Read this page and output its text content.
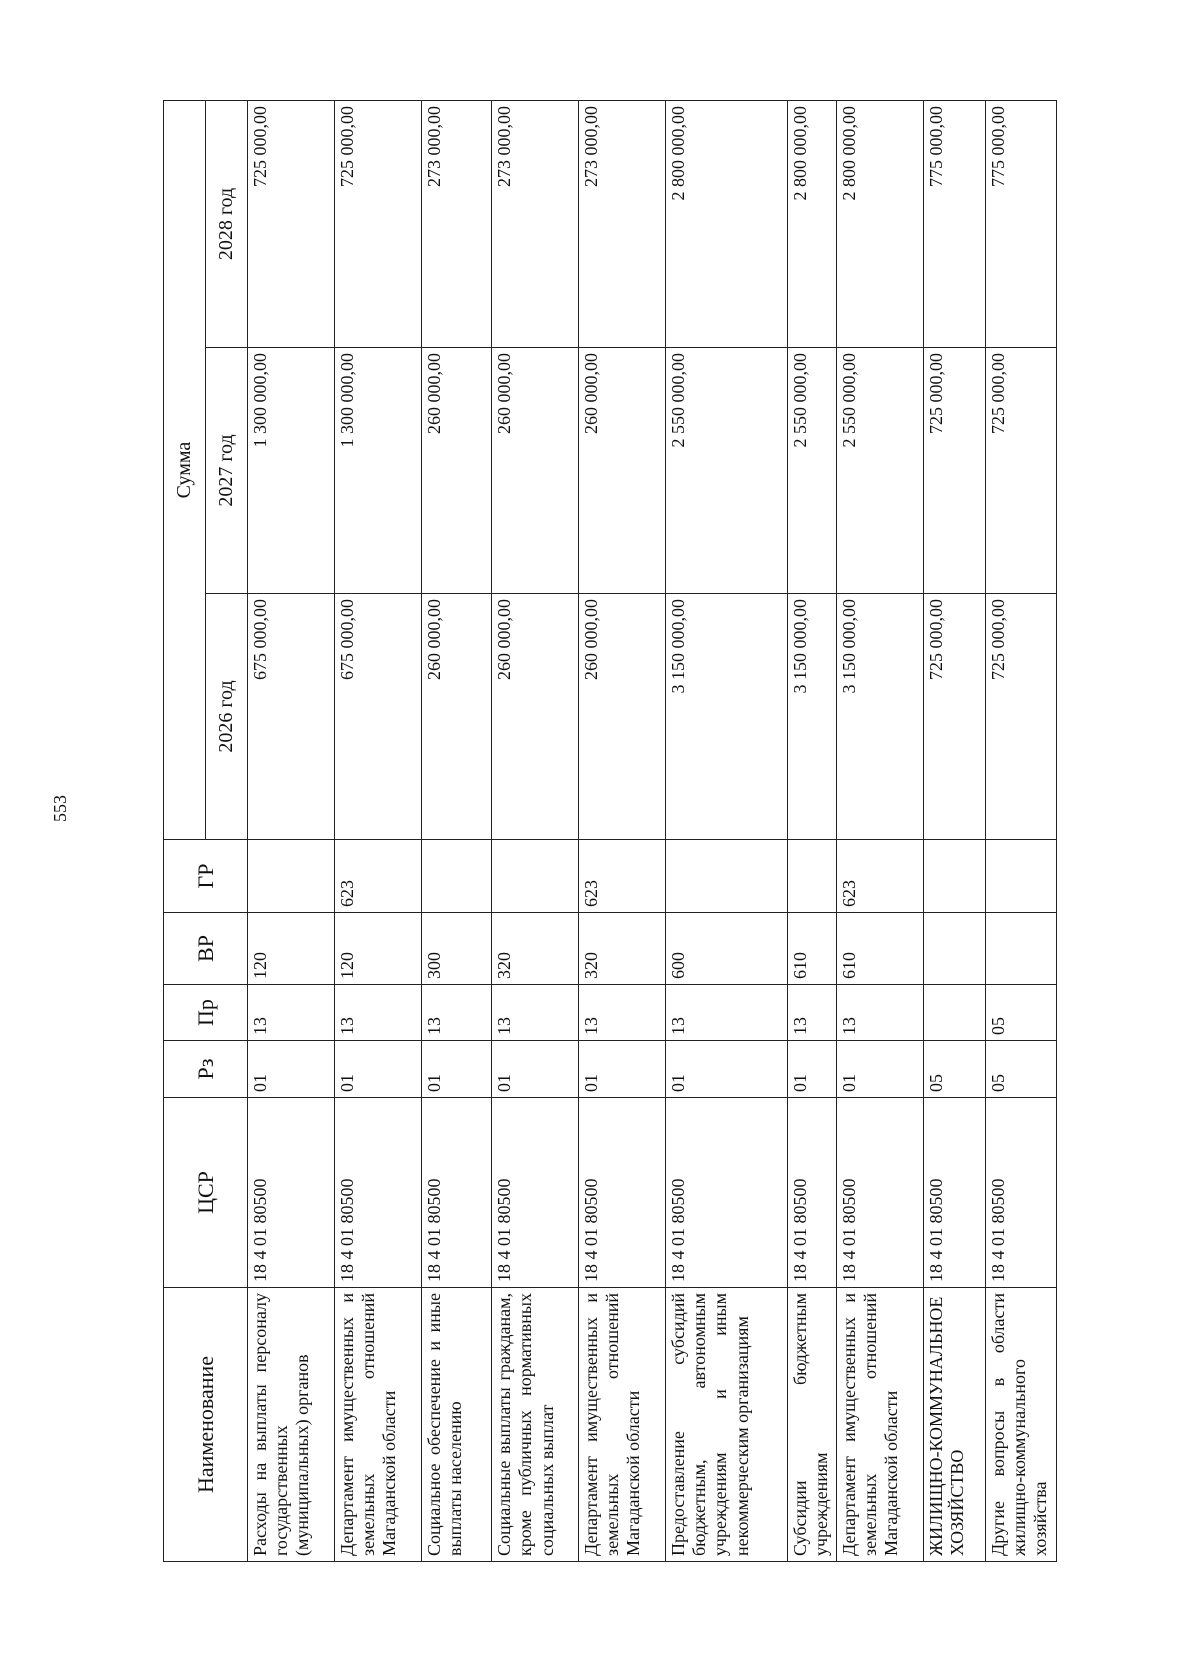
553
Наименование	ЦСР	Рз	Пр	ВР	ГР	Сумма		
						2026 год	2027 год	2028 год
Расходы на выплаты персоналу государственных (муниципальных) органов	18 4 01 80500	01	13	120		675 000,00	1 300 000,00	725 000,00
Департамент имущественных и земельных отношений Магаданской области	18 4 01 80500	01	13	120	623	675 000,00	1 300 000,00	725 000,00
Социальное обеспечение и иные выплаты населению	18 4 01 80500	01	13	300		260 000,00	260 000,00	273 000,00
Социальные выплаты гражданам, кроме публичных нормативных социальных выплат	18 4 01 80500	01	13	320		260 000,00	260 000,00	273 000,00
Департамент имущественных и земельных отношений Магаданской области	18 4 01 80500	01	13	320	623	260 000,00	260 000,00	273 000,00
Предоставление субсидий бюджетным, автономным учреждениям и иным некоммерческим организациям	18 4 01 80500	01	13	600		3 150 000,00	2 550 000,00	2 800 000,00
Субсидии бюджетным учреждениям	18 4 01 80500	01	13	610		3 150 000,00	2 550 000,00	2 800 000,00
Департамент имущественных и земельных отношений Магаданской области	18 4 01 80500	01	13	610	623	3 150 000,00	2 550 000,00	2 800 000,00
ЖИЛИЩНО-КОММУНАЛЬНОЕ ХОЗЯЙСТВО	18 4 01 80500	05				725 000,00	725 000,00	775 000,00
Другие вопросы в области жилищно-коммунального хозяйства	18 4 01 80500	05	05			725 000,00	725 000,00	775 000,00
